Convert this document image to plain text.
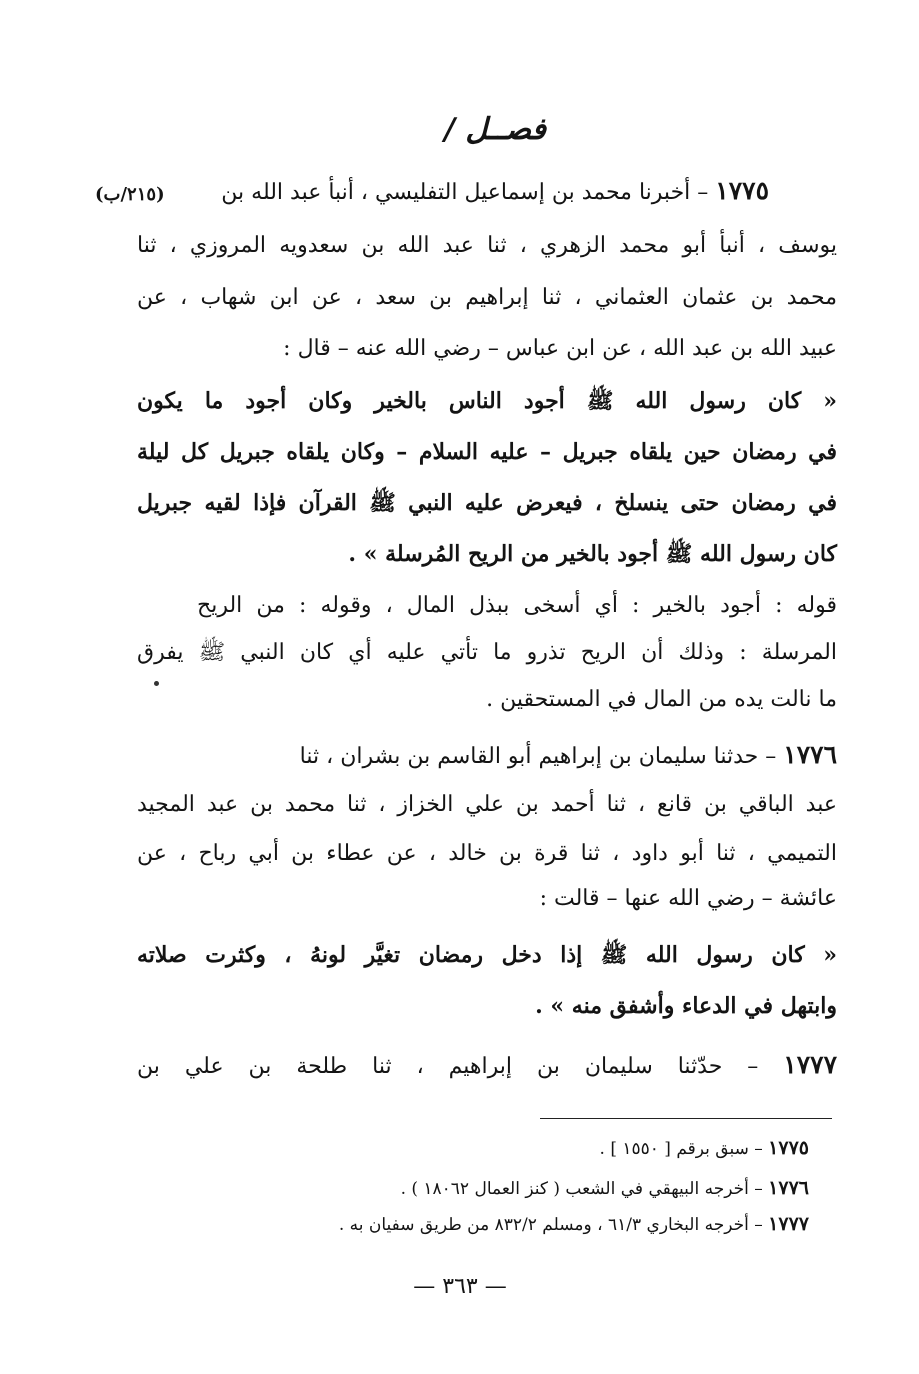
فصــل /
(٢١٥/ب)	١٧٧٥ – أخبرنا محمد بن إسماعيل التفليسي ، أنبأ عبد الله بن
يوسف ، أنبأ أبو محمد الزهري ، ثنا عبد الله بن سعدويه المروزي ، ثنا
محمد بن عثمان العثماني ، ثنا إبراهيم بن سعد ، عن ابن شهاب ، عن
عبيد الله بن عبد الله ، عن ابن عباس – رضي الله عنه – قال :
« كان رسول الله ﷺ أجود الناس بالخير وكان أجود ما يكون
في رمضان حين يلقاه جبريل – عليه السلام – وكان يلقاه جبريل كل ليلة
في رمضان حتى ينسلخ ، فيعرض عليه النبي ﷺ القرآن فإذا لقيه جبريل
كان رسول الله ﷺ أجود بالخير من الريح المُرسلة » .
قوله : أجود بالخير : أي أسخى ببذل المال ، وقوله : من الريح
المرسلة : وذلك أن الريح تذرو ما تأتي عليه أي كان النبي ﷺ يفرق
ما نالت يده من المال في المستحقين .
١٧٧٦ – حدثنا سليمان بن إبراهيم أبو القاسم بن بشران ، ثنا
عبد الباقي بن قانع ، ثنا أحمد بن علي الخزاز ، ثنا محمد بن عبد المجيد
التميمي ، ثنا أبو داود ، ثنا قرة بن خالد ، عن عطاء بن أبي رباح ، عن
عائشة – رضي الله عنها – قالت :
« كان رسول الله ﷺ إذا دخل رمضان تغيَّر لونهُ ، وكثرت صلاته
وابتهل في الدعاء وأشفق منه » .
١٧٧٧ – حدّثنا سليمان بن إبراهيم ، ثنا طلحة بن علي بن
١٧٧٥ – سبق برقم [ ١٥٥٠ ] .
١٧٧٦ – أخرجه البيهقي في الشعب ( كنز العمال ١٨٠٦٢ ) .
١٧٧٧ – أخرجه البخاري ٦١/٣ ، ومسلم ٨٣٢/٢ من طريق سفيان به .
— ٣٦٣ —
